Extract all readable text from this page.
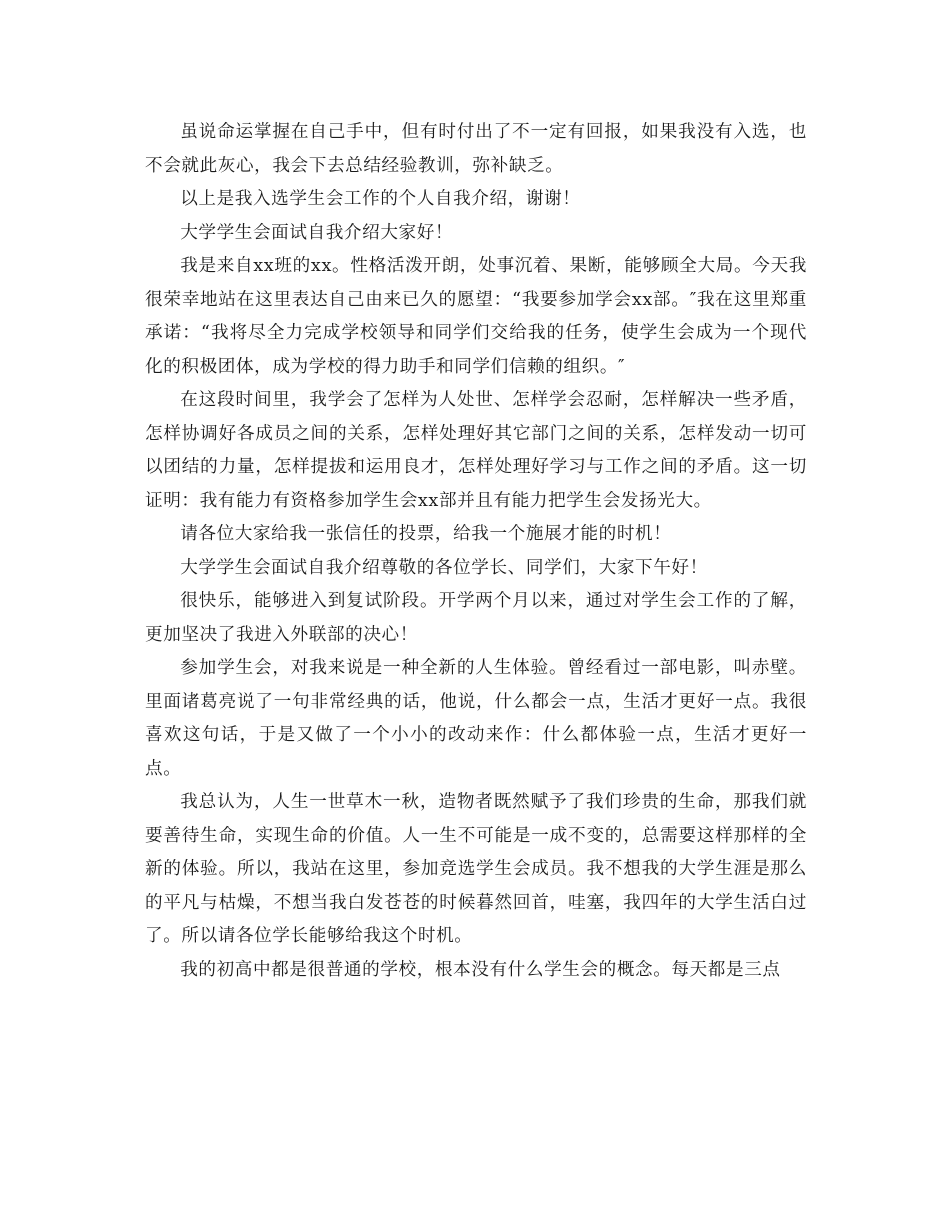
虽说命运掌握在自己手中，但有时付出了不一定有回报，如果我没有入选，也不会就此灰心，我会下去总结经验教训，弥补缺乏。

以上是我入选学生会工作的个人自我介绍，谢谢！

大学学生会面试自我介绍大家好！

我是来自xx班的xx。性格活泼开朗，处事沉着、果断，能够顾全大局。今天我很荣幸地站在这里表达自己由来已久的愿望：“我要参加学会xx部。″我在这里郑重承诺：“我将尽全力完成学校领导和同学们交给我的任务，使学生会成为一个现代化的积极团体，成为学校的得力助手和同学们信赖的组织。″

在这段时间里，我学会了怎样为人处世、怎样学会忍耐，怎样解决一些矛盾，怎样协调好各成员之间的关系，怎样处理好其它部门之间的关系，怎样发动一切可以团结的力量，怎样提拔和运用良才，怎样处理好学习与工作之间的矛盾。这一切证明：我有能力有资格参加学生会xx部并且有能力把学生会发扬光大。

请各位大家给我一张信任的投票，给我一个施展才能的时机！

大学学生会面试自我介绍尊敬的各位学长、同学们，大家下午好！

很快乐，能够进入到复试阶段。开学两个月以来，通过对学生会工作的了解，更加坚决了我进入外联部的决心！

参加学生会，对我来说是一种全新的人生体验。曾经看过一部电影，叫赤壁。里面诸葛亮说了一句非常经典的话，他说，什么都会一点，生活才更好一点。我很喜欢这句话，于是又做了一个小小的改动来作：什么都体验一点，生活才更好一点。

我总认为，人生一世草木一秋，造物者既然赋予了我们珍贵的生命，那我们就要善待生命，实现生命的价值。人一生不可能是一成不变的，总需要这样那样的全新的体验。所以，我站在这里，参加竞选学生会成员。我不想我的大学生涯是那么的平凡与枯燥，不想当我白发苍苍的时候暮然回首，哇塞，我四年的大学生活白过了。所以请各位学长能够给我这个时机。

我的初高中都是很普通的学校，根本没有什么学生会的概念。每天都是三点
